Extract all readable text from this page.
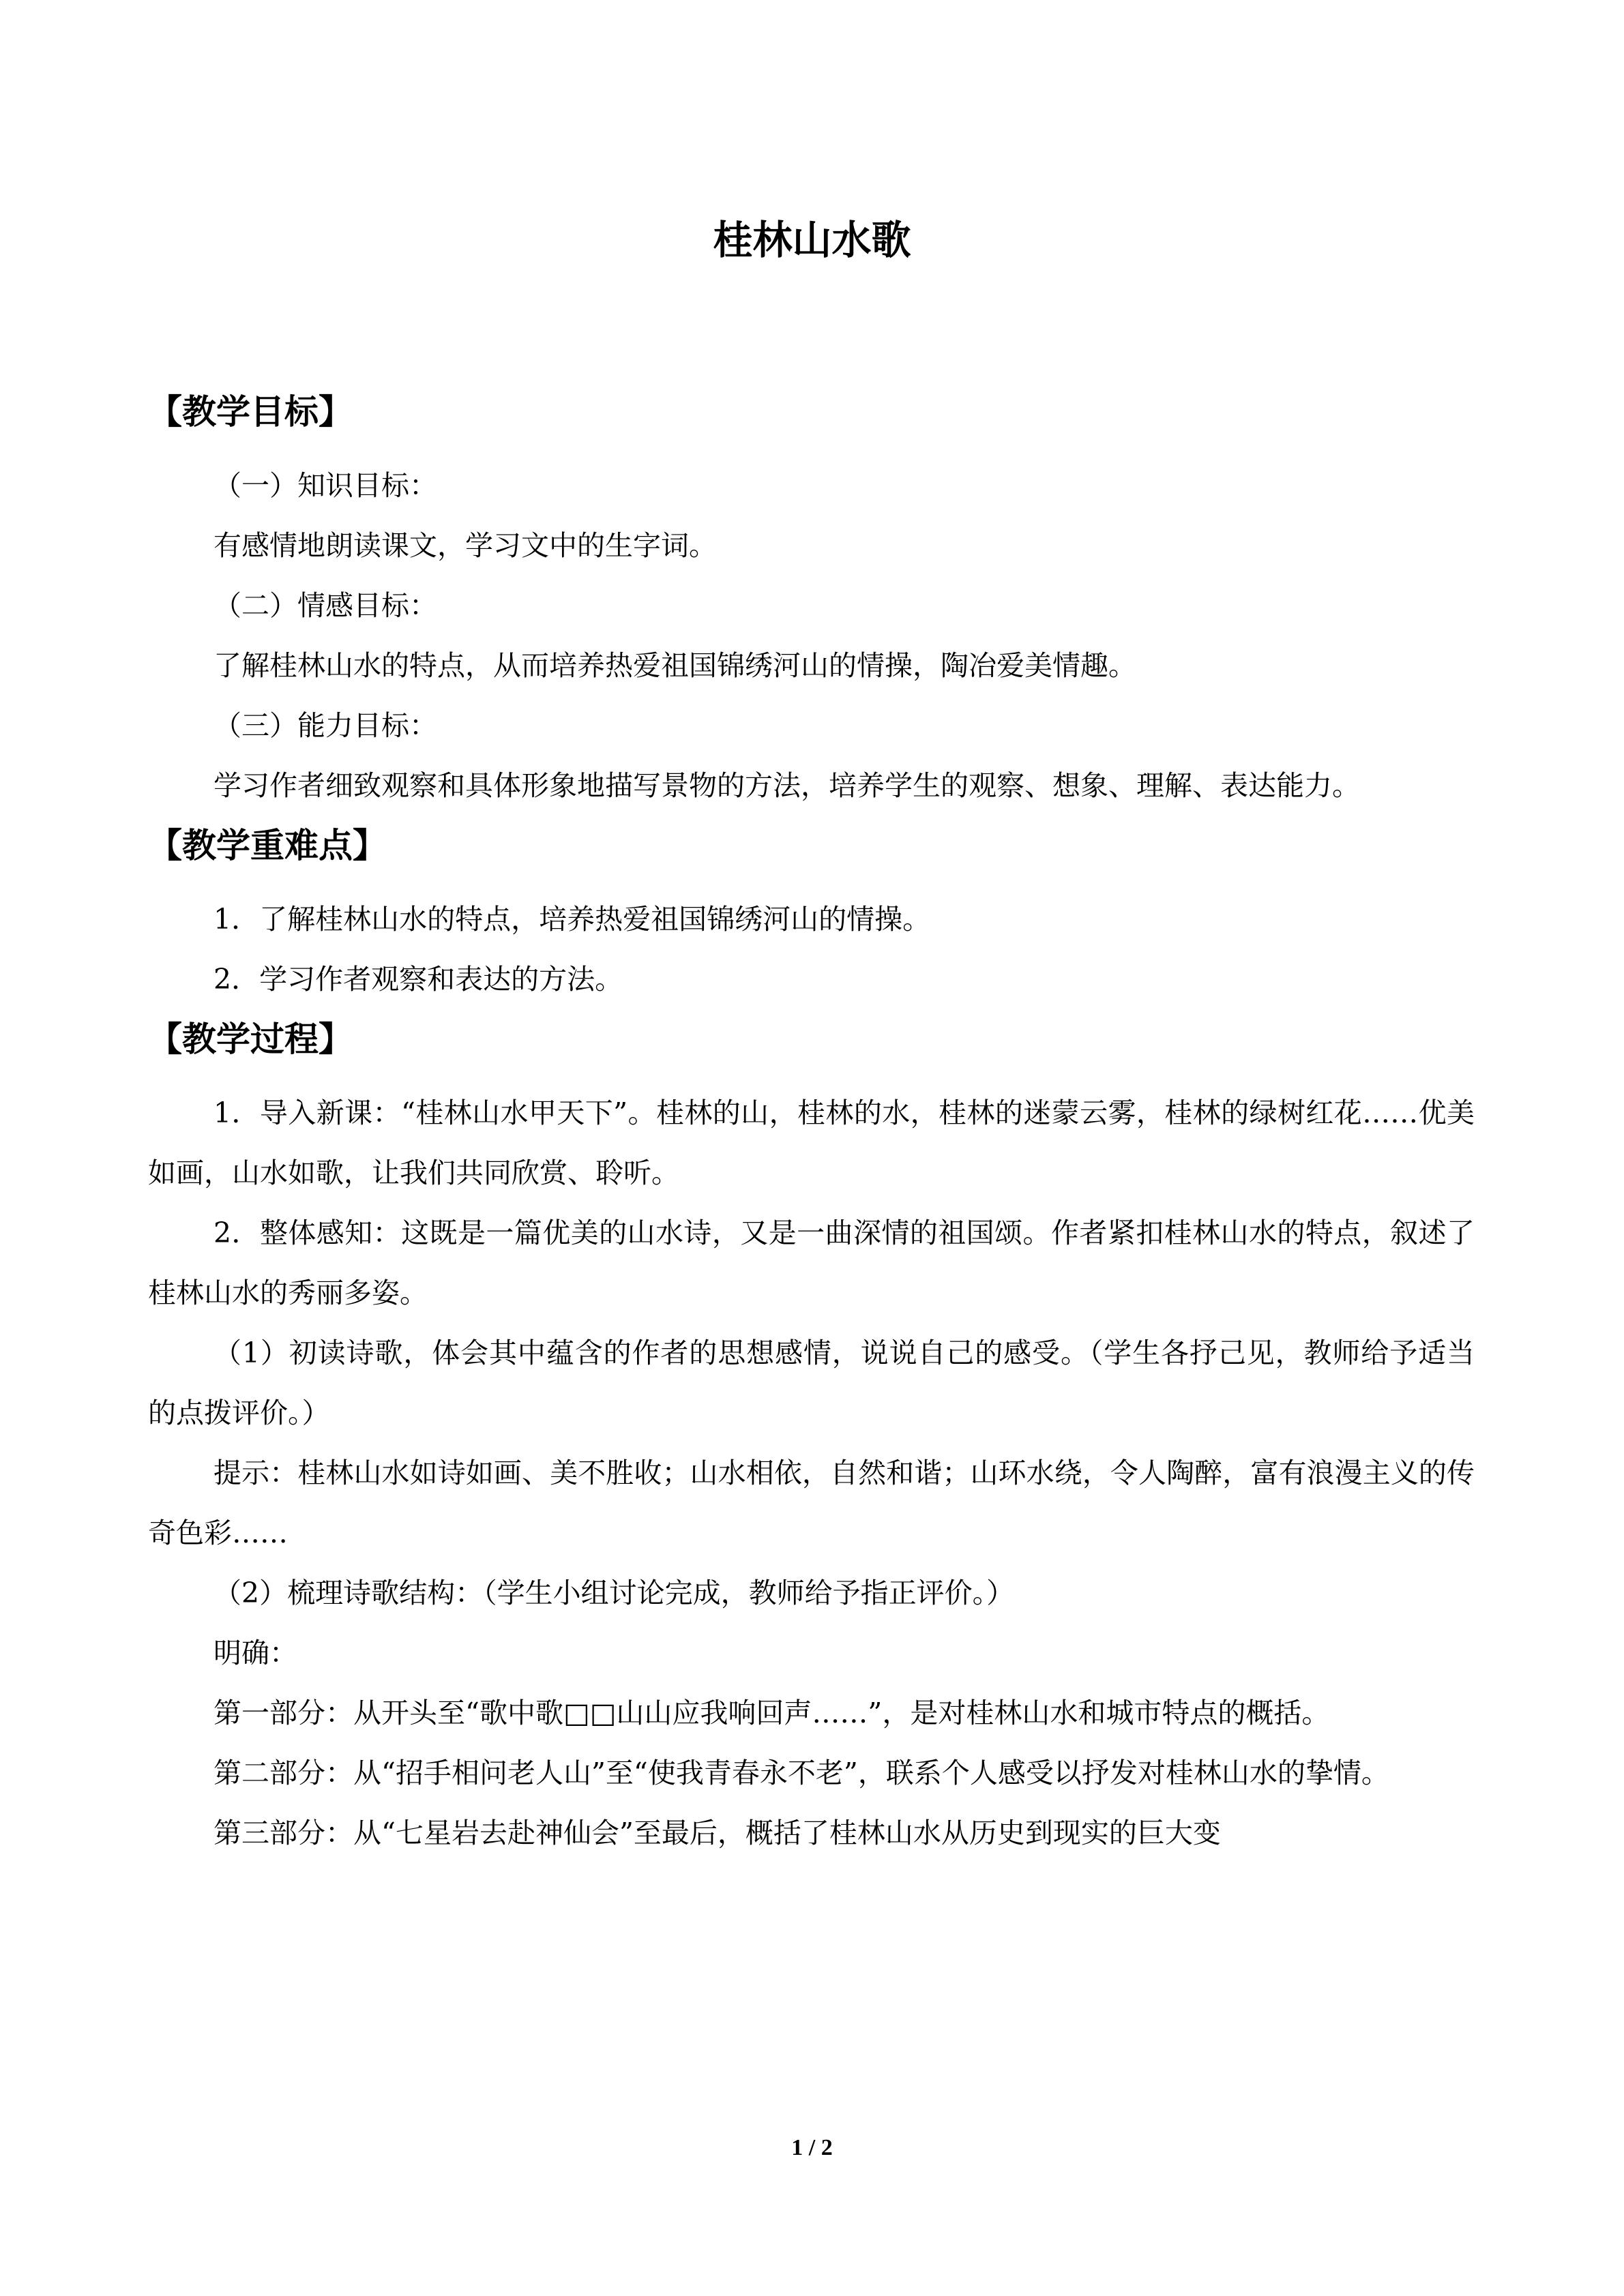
桂林山水歌
【教学目标】

（一）知识目标：

有感情地朗读课文，学习文中的生字词。

（二）情感目标：

了解桂林山水的特点，从而培养热爱祖国锦绣河山的情操，陶冶爱美情趣。

（三）能力目标：

学习作者细致观察和具体形象地描写景物的方法，培养学生的观察、想象、理解、表达能力。

【教学重难点】

1．了解桂林山水的特点，培养热爱祖国锦绣河山的情操。

2．学习作者观察和表达的方法。

【教学过程】

1．导入新课：“桂林山水甲天下”。桂林的山，桂林的水，桂林的迷蒙云雾，桂林的绿树红花……优美如画，山水如歌，让我们共同欣赏、聆听。

2．整体感知：这既是一篇优美的山水诗，又是一曲深情的祖国颂。作者紧扣桂林山水的特点，叙述了桂林山水的秀丽多姿。

（1）初读诗歌，体会其中蕴含的作者的思想感情，说说自己的感受。（学生各抒己见，教师给予适当的点拨评价。）

提示：桂林山水如诗如画、美不胜收；山水相依，自然和谐；山环水绕，令人陶醉，富有浪漫主义的传奇色彩……

（2）梳理诗歌结构：（学生小组讨论完成，教师给予指正评价。）

明确：

第一部分：从开头至“歌中歌□□山山应我响回声……”，是对桂林山水和城市特点的概括。

第二部分：从“招手相问老人山”至“使我青春永不老”，联系个人感受以抒发对桂林山水的挚情。

第三部分：从“七星岩去赴神仙会”至最后，概括了桂林山水从历史到现实的巨大变

1 / 2
